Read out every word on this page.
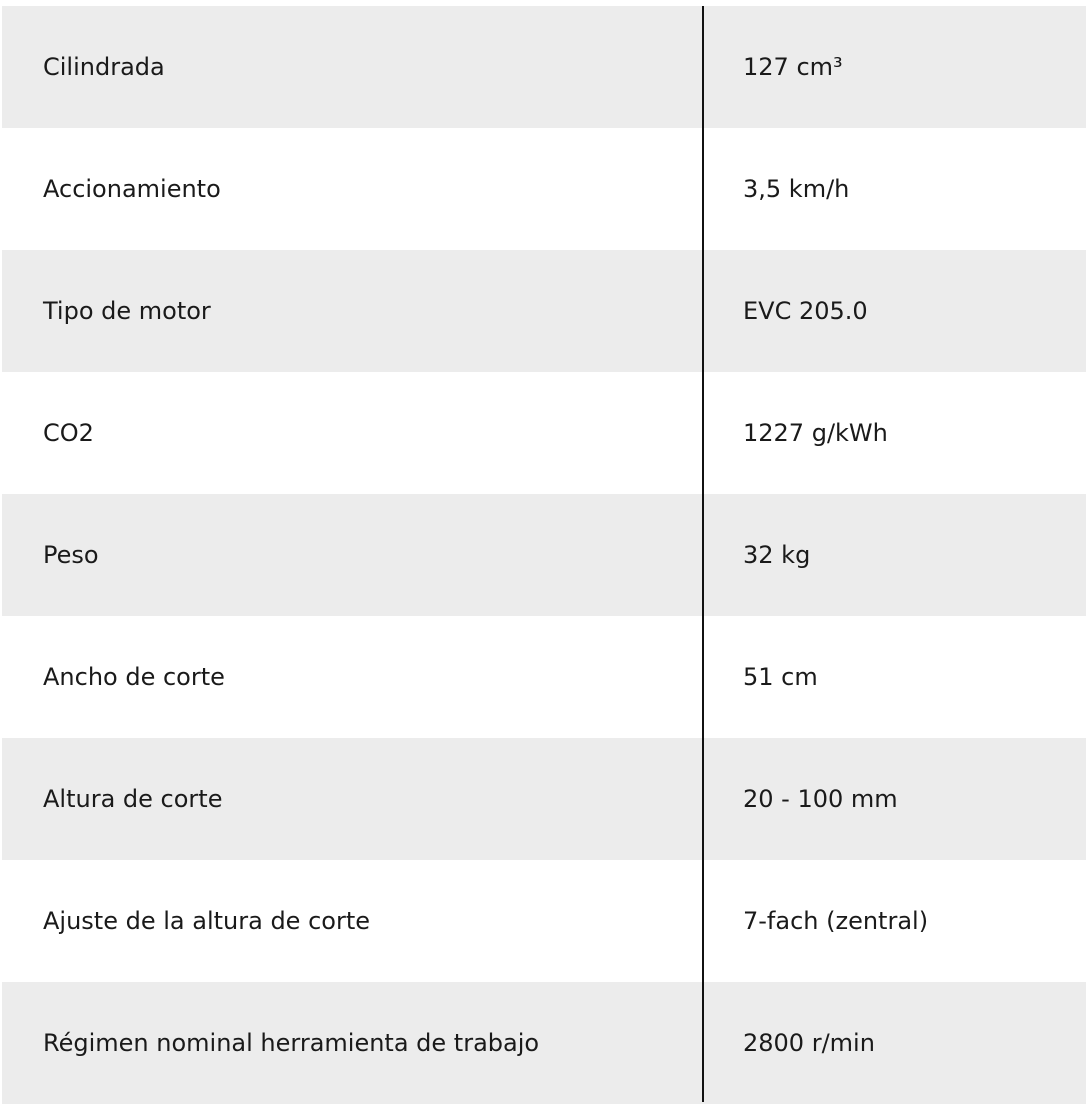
Cilindrada	127 cm³
Accionamiento	3,5 km/h
Tipo de motor	EVC 205.0
CO2	1227 g/kWh
Peso	32 kg
Ancho de corte	51 cm
Altura de corte	20 - 100 mm
Ajuste de la altura de corte	7-fach (zentral)
Régimen nominal herramienta de trabajo	2800 r/min
